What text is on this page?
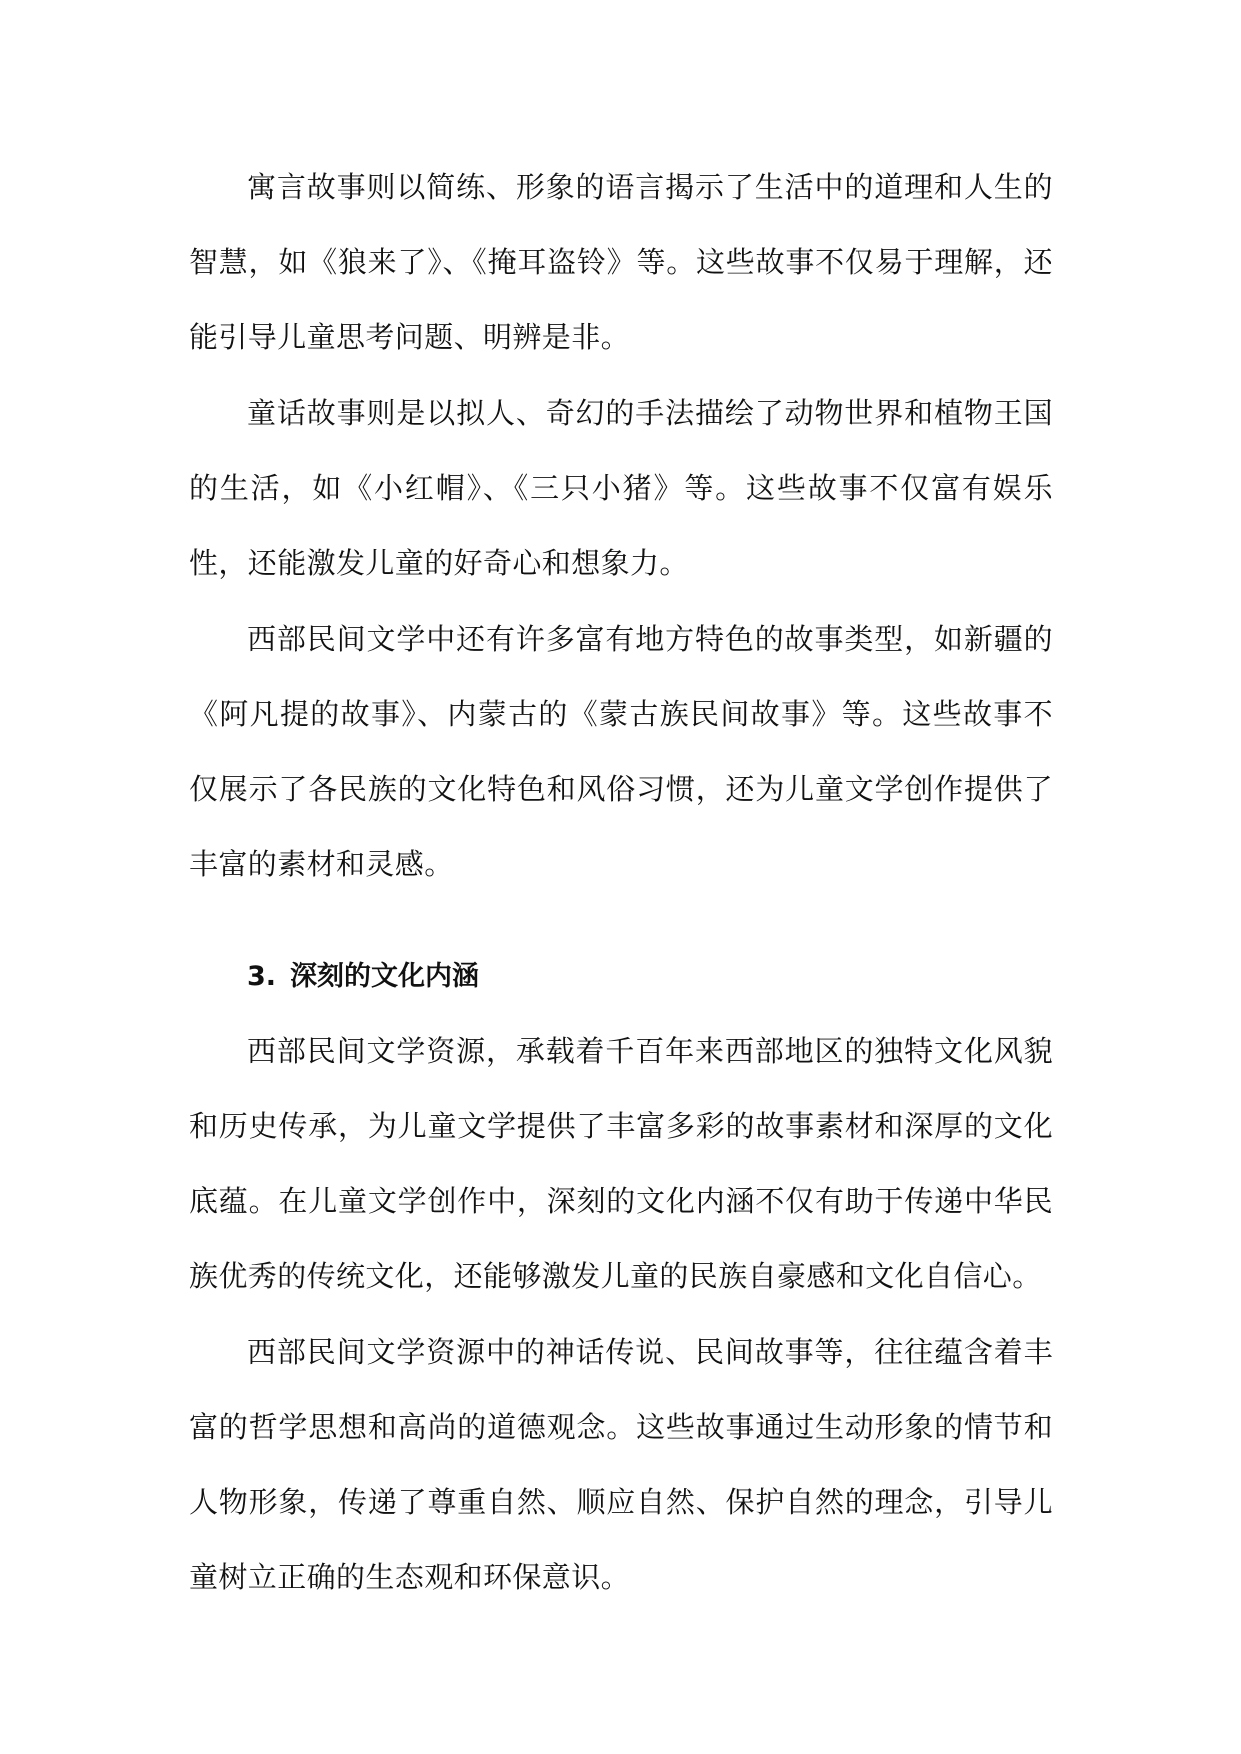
寓言故事则以简练、形象的语言揭示了生活中的道理和人生的智慧，如《狼来了》、《掩耳盗铃》等。这些故事不仅易于理解，还能引导儿童思考问题、明辨是非。

童话故事则是以拟人、奇幻的手法描绘了动物世界和植物王国的生活，如《小红帽》、《三只小猪》等。这些故事不仅富有娱乐性，还能激发儿童的好奇心和想象力。

西部民间文学中还有许多富有地方特色的故事类型，如新疆的《阿凡提的故事》、内蒙古的《蒙古族民间故事》等。这些故事不仅展示了各民族的文化特色和风俗习惯，还为儿童文学创作提供了丰富的素材和灵感。

3. 深刻的文化内涵

西部民间文学资源，承载着千百年来西部地区的独特文化风貌和历史传承，为儿童文学提供了丰富多彩的故事素材和深厚的文化底蕴。在儿童文学创作中，深刻的文化内涵不仅有助于传递中华民族优秀的传统文化，还能够激发儿童的民族自豪感和文化自信心。

西部民间文学资源中的神话传说、民间故事等，往往蕴含着丰富的哲学思想和高尚的道德观念。这些故事通过生动形象的情节和人物形象，传递了尊重自然、顺应自然、保护自然的理念，引导儿童树立正确的生态观和环保意识。
